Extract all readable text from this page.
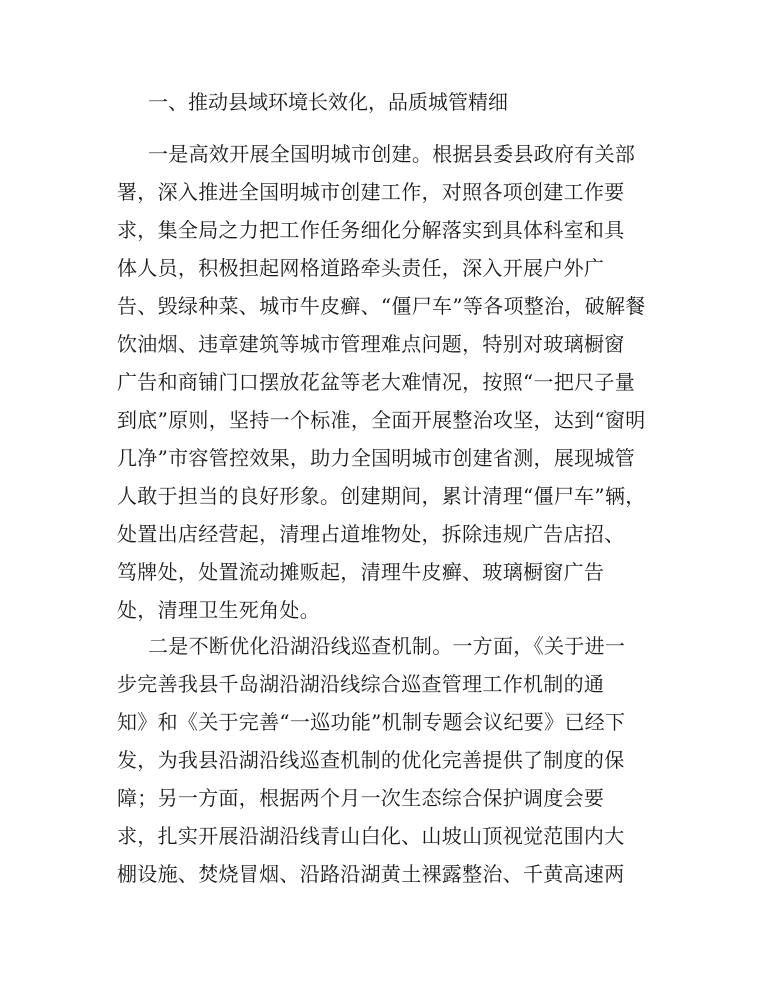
一、推动县域环境长效化，品质城管精细
一是高效开展全国明城市创建。根据县委县政府有关部
署，深入推进全国明城市创建工作，对照各项创建工作要
求，集全局之力把工作任务细化分解落实到具体科室和具
体人员，积极担起网格道路牵头责任，深入开展户外广
告、毁绿种菜、城市牛皮癣、“僵尸车”等各项整治，破解餐
饮油烟、违章建筑等城市管理难点问题，特别对玻璃橱窗
广告和商铺门口摆放花盆等老大难情况，按照“一把尺子量
到底”原则，坚持一个标准，全面开展整治攻坚，达到“窗明
几净”市容管控效果，助力全国明城市创建省测，展现城管
人敢于担当的良好形象。创建期间，累计清理“僵尸车”辆，
处置出店经营起，清理占道堆物处，拆除违规广告店招、
笃牌处，处置流动摊贩起，清理牛皮癣、玻璃橱窗广告
处，清理卫生死角处。
二是不断优化沿湖沿线巡查机制。一方面，《关于进一
步完善我县千岛湖沿湖沿线综合巡查管理工作机制的通
知》和《关于完善“一巡功能”机制专题会议纪要》已经下
发，为我县沿湖沿线巡查机制的优化完善提供了制度的保
障；另一方面，根据两个月一次生态综合保护调度会要
求，扎实开展沿湖沿线青山白化、山坡山顶视觉范围内大
棚设施、焚烧冒烟、沿路沿湖黄土裸露整治、千黄高速两
